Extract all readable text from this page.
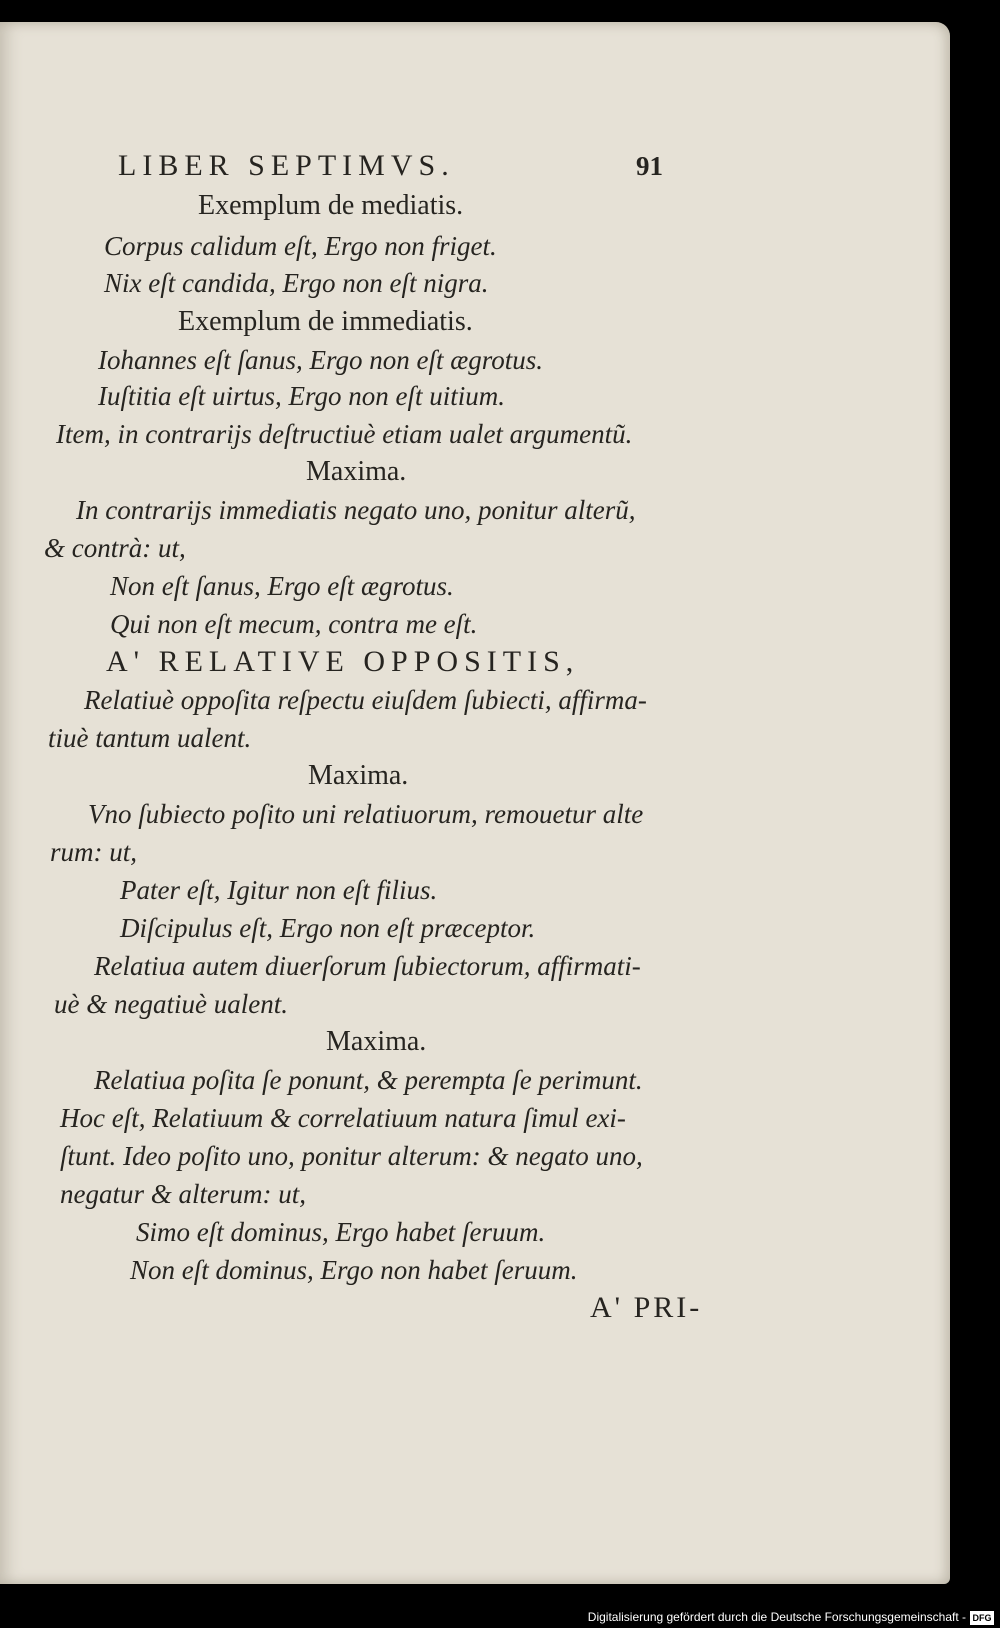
LIBER SEPTIMVS.	91
Exemplum de mediatis.
Corpus calidum eſt, Ergo non friget.
Nix eſt candida, Ergo non eſt nigra.
Exemplum de immediatis.
Iohannes eſt ſanus, Ergo non eſt ægrotus.
Iuſtitia eſt uirtus, Ergo non eſt uitium.
Item, in contrarijs deſtructiuè etiam ualet argumentũ.
Maxima.
In contrarijs immediatis negato uno, ponitur alterũ,
& contrà: ut,
Non eſt ſanus, Ergo eſt ægrotus.
Qui non eſt mecum, contra me eſt.
A' RELATIVE OPPOSITIS,
Relatiuè oppoſita reſpectu eiuſdem ſubiecti, affirma-
tiuè tantum ualent.
Maxima.
Vno ſubiecto poſito uni relatiuorum, remouetur alte
rum: ut,
Pater eſt, Igitur non eſt filius.
Diſcipulus eſt, Ergo non eſt præceptor.
Relatiua autem diuerſorum ſubiectorum, affirmati-
uè & negatiuè ualent.
Maxima.
Relatiua poſita ſe ponunt, & perempta ſe perimunt.
Hoc eſt, Relatiuum & correlatiuum natura ſimul exi-
ſtunt. Ideo poſito uno, ponitur alterum: & negato uno,
negatur & alterum: ut,
Simo eſt dominus, Ergo habet ſeruum.
Non eſt dominus, Ergo non habet ſeruum.
A' PRI-
Digitalisierung gefördert durch die Deutsche Forschungsgemeinschaft - DFG
